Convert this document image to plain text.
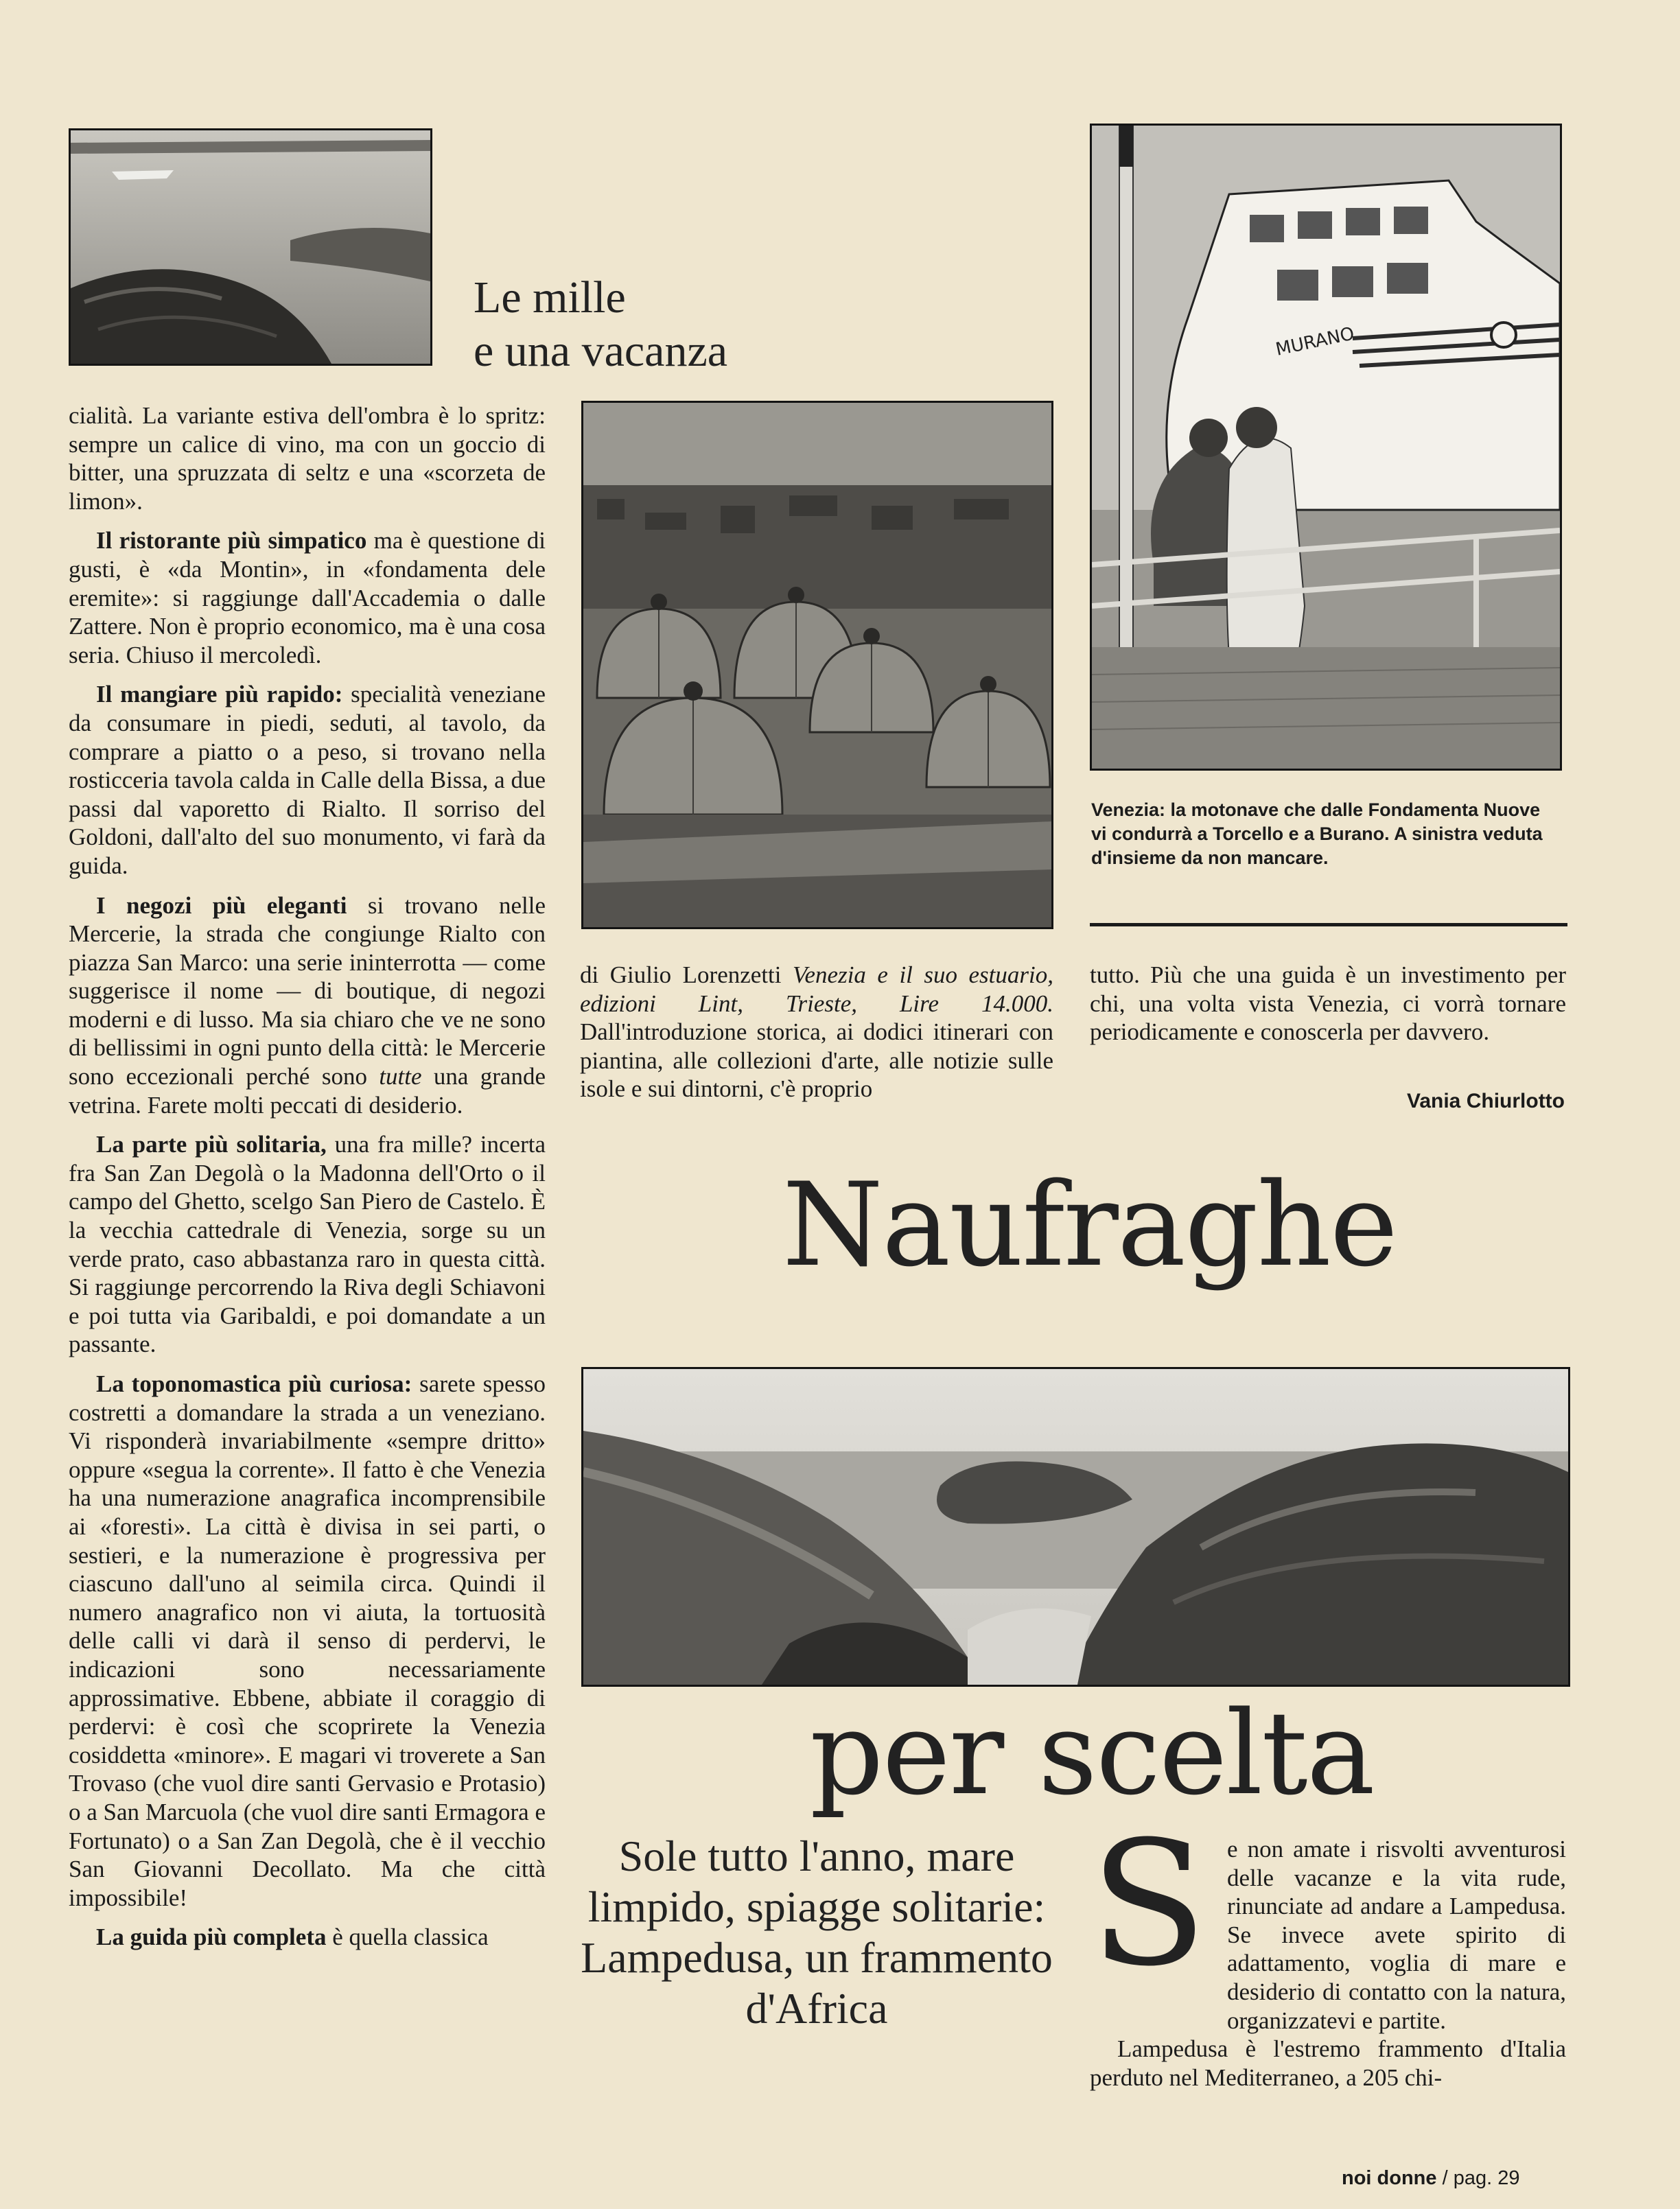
Le mille
e una vacanza	MURANO
Venezia: la motonave che dalle Fondamenta Nuove vi condurrà a Torcello e a Burano. A sinistra veduta d'insieme da non mancare.

cialità. La variante estiva dell'ombra è lo spritz: sempre un calice di vino, ma con un goccio di bitter, una spruzzata di seltz e una «scorzeta de limon».

Il ristorante più simpatico ma è questione di gusti, è «da Montin», in «fondamenta dele eremite»: si raggiunge dall'Accademia o dalle Zattere. Non è proprio economico, ma è una cosa seria. Chiuso il mercoledì.

Il mangiare più rapido: specialità veneziane da consumare in piedi, seduti, al tavolo, da comprare a piatto o a peso, si trovano nella rosticceria tavola calda in Calle della Bissa, a due passi dal vaporetto di Rialto. Il sorriso del Goldoni, dall'alto del suo monumento, vi farà da guida.

I negozi più eleganti si trovano nelle Mercerie, la strada che congiunge Rialto con piazza San Marco: una serie ininterrotta — come suggerisce il nome — di boutique, di negozi moderni e di lusso. Ma sia chiaro che ve ne sono di bellissimi in ogni punto della città: le Mercerie sono eccezionali perché sono tutte una grande vetrina. Farete molti peccati di desiderio.

La parte più solitaria, una fra mille? incerta fra San Zan Degolà o la Madonna dell'Orto o il campo del Ghetto, scelgo San Piero de Castelo. È la vecchia cattedrale di Venezia, sorge su un verde prato, caso abbastanza raro in questa città. Si raggiunge percorrendo la Riva degli Schiavoni e poi tutta via Garibaldi, e poi domandate a un passante.

La toponomastica più curiosa: sarete spesso costretti a domandare la strada a un veneziano. Vi risponderà invariabilmente «sempre dritto» oppure «segua la corrente». Il fatto è che Venezia ha una numerazione anagrafica incomprensibile ai «foresti». La città è divisa in sei parti, o sestieri, e la numerazione è progressiva per ciascuno dall'uno al seimila circa. Quindi il numero anagrafico non vi aiuta, la tortuosità delle calli vi darà il senso di perdervi, le indicazioni sono necessariamente approssimative. Ebbene, abbiate il coraggio di perdervi: è così che scoprirete la Venezia cosiddetta «minore». E magari vi troverete a San Trovaso (che vuol dire santi Gervasio e Protasio) o a San Marcuola (che vuol dire santi Ermagora e Fortunato) o a San Zan Degolà, che è il vecchio San Giovanni Decollato. Ma che città impossibile!

La guida più completa è quella classica

di Giulio Lorenzetti Venezia e il suo estuario, edizioni Lint, Trieste, Lire 14.000. Dall'introduzione storica, ai dodici itinerari con piantina, alle collezioni d'arte, alle notizie sulle isole e sui dintorni, c'è proprio

tutto. Più che una guida è un investimento per chi, una volta vista Venezia, ci vorrà tornare periodicamente e conoscerla per davvero.

Vania Chiurlotto
Naufraghe
per scelta
Sole tutto l'anno, mare limpido, spiagge solitarie: Lampedusa, un frammento d'Africa
S e non amate i risvolti avventurosi delle vacanze e la vita rude, rinunciate ad andare a Lampedusa. Se invece avete spirito di adattamento, voglia di mare e desiderio di contatto con la natura, organizzatevi e partite.

Lampedusa è l'estremo frammento d'Italia perduto nel Mediterraneo, a 205 chi-

noi donne / pag. 29
